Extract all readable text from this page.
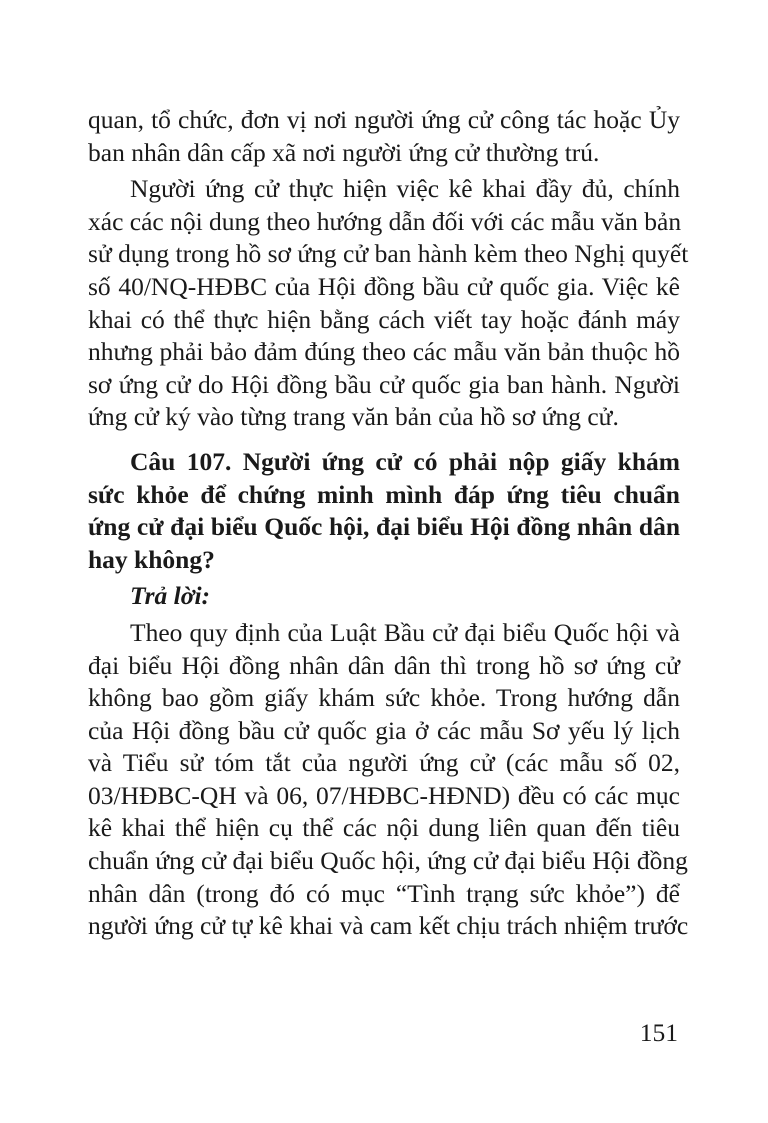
quan, tổ chức, đơn vị nơi người ứng cử công tác hoặc Ủy
ban nhân dân cấp xã nơi người ứng cử thường trú.
Người ứng cử thực hiện việc kê khai đầy đủ, chính
xác các nội dung theo hướng dẫn đối với các mẫu văn bản
sử dụng trong hồ sơ ứng cử ban hành kèm theo Nghị quyết
số 40/NQ-HĐBC của Hội đồng bầu cử quốc gia. Việc kê
khai có thể thực hiện bằng cách viết tay hoặc đánh máy
nhưng phải bảo đảm đúng theo các mẫu văn bản thuộc hồ
sơ ứng cử do Hội đồng bầu cử quốc gia ban hành. Người
ứng cử ký vào từng trang văn bản của hồ sơ ứng cử.
Câu 107. Người ứng cử có phải nộp giấy khám
sức khỏe để chứng minh mình đáp ứng tiêu chuẩn
ứng cử đại biểu Quốc hội, đại biểu Hội đồng nhân dân
hay không?
Trả lời:
Theo quy định của Luật Bầu cử đại biểu Quốc hội và
đại biểu Hội đồng nhân dân dân thì trong hồ sơ ứng cử
không bao gồm giấy khám sức khỏe. Trong hướng dẫn
của Hội đồng bầu cử quốc gia ở các mẫu Sơ yếu lý lịch
và Tiểu sử tóm tắt của người ứng cử (các mẫu số 02,
03/HĐBC-QH và 06, 07/HĐBC-HĐND) đều có các mục
kê khai thể hiện cụ thể các nội dung liên quan đến tiêu
chuẩn ứng cử đại biểu Quốc hội, ứng cử đại biểu Hội đồng
nhân dân (trong đó có mục “Tình trạng sức khỏe”) để
người ứng cử tự kê khai và cam kết chịu trách nhiệm trước
151
